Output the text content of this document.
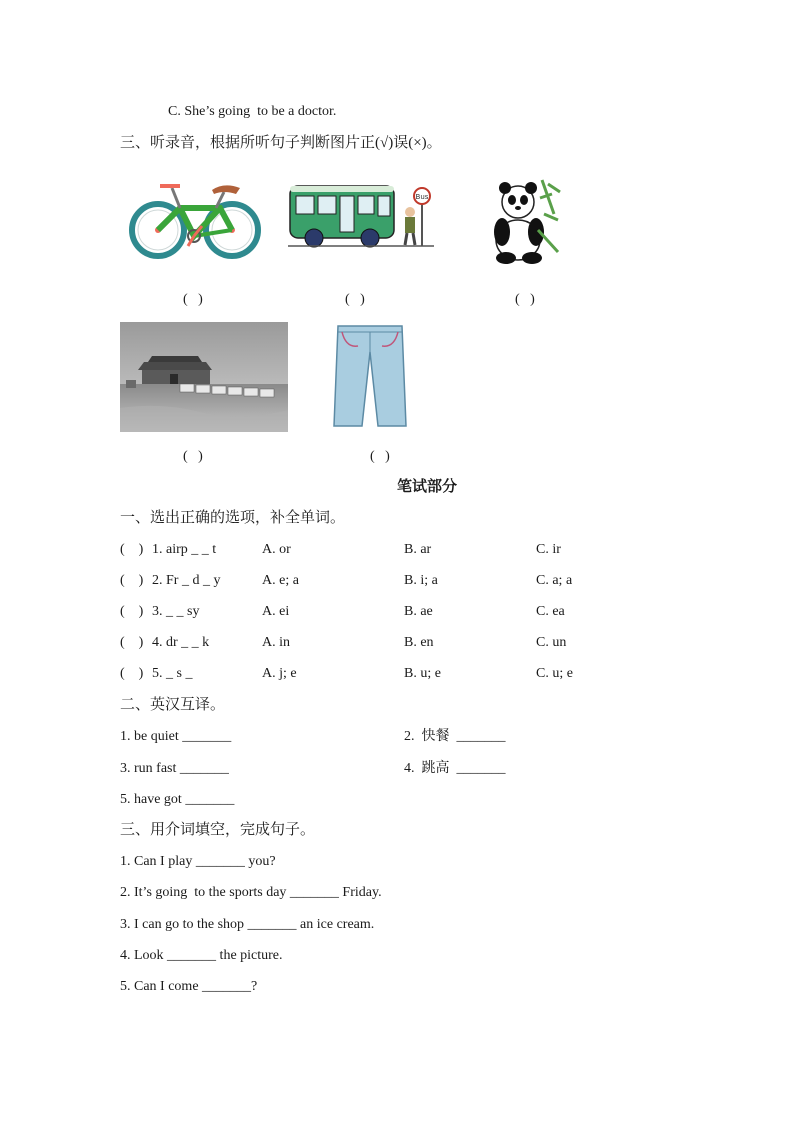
C. She’s going  to be a doctor.
三、听录音，根据所听句子判断图片正(√)误(×)。
Bus
(   )	(   )	(   )
(   )	(   )
笔试部分
一、选出正确的选项，补全单词。
(    ) 1. airp _ _ t	A. or	B. ar	C. ir
(    ) 2. Fr _ d _ y	A. e; a	B. i; a	C. a; a
(    ) 3. _ _ sy	A. ei	B. ae	C. ea
(    ) 4. dr _ _ k	A. in	B. en	C. un
(    ) 5. _ s _	A. j; e	B. u; e	C. u; e
二、英汉互译。
1. be quiet _______	2.  快餐  _______
3. run fast _______	4.  跳高  _______
5. have got _______
三、用介词填空，完成句子。
1. Can I play _______ you?
2. It’s going  to the sports day _______ Friday.
3. I can go to the shop _______ an ice cream.
4. Look _______ the picture.
5. Can I come _______?
